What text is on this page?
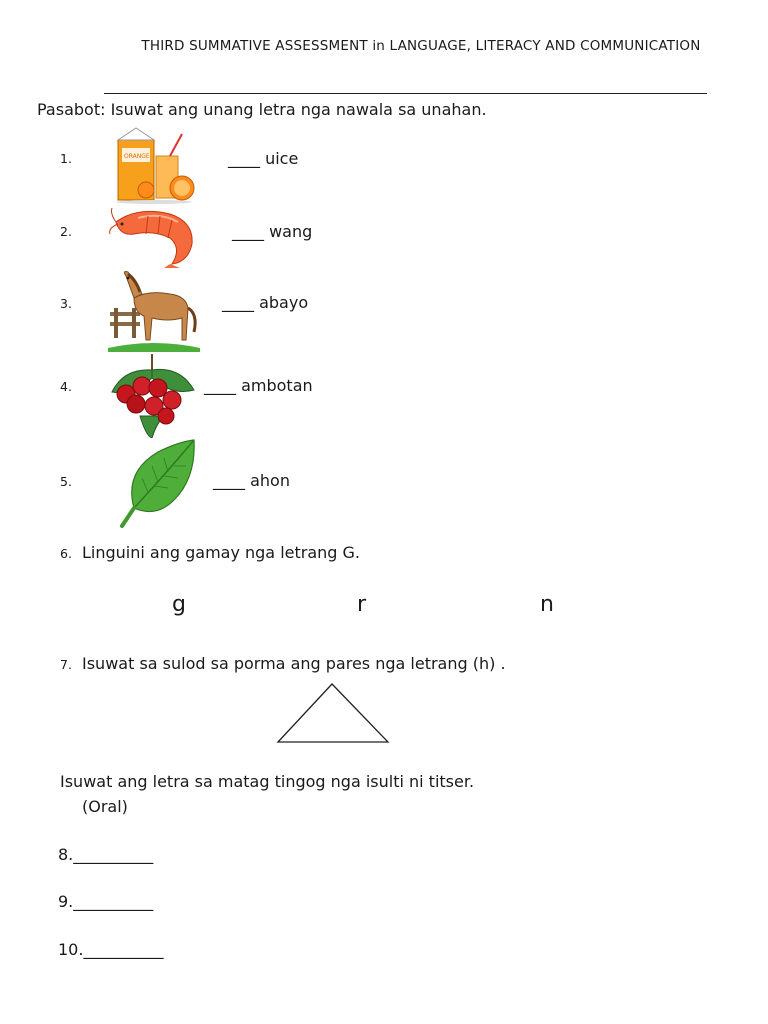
THIRD SUMMATIVE ASSESSMENT in LANGUAGE, LITERACY AND COMMUNICATION
Pasabot: Isuwat ang unang letra nga nawala sa unahan.
1.	ORANGE	____ uice
2.	____ wang
3.	____ abayo
4.	____ ambotan
5.	____ ahon
6. Linguini ang gamay nga letrang G.
g	r	n
7. Isuwat sa sulod sa porma ang pares nga letrang (h) .
Isuwat ang letra sa matag tingog nga isulti ni titser.
(Oral)
8.__________
9.__________
10.__________
